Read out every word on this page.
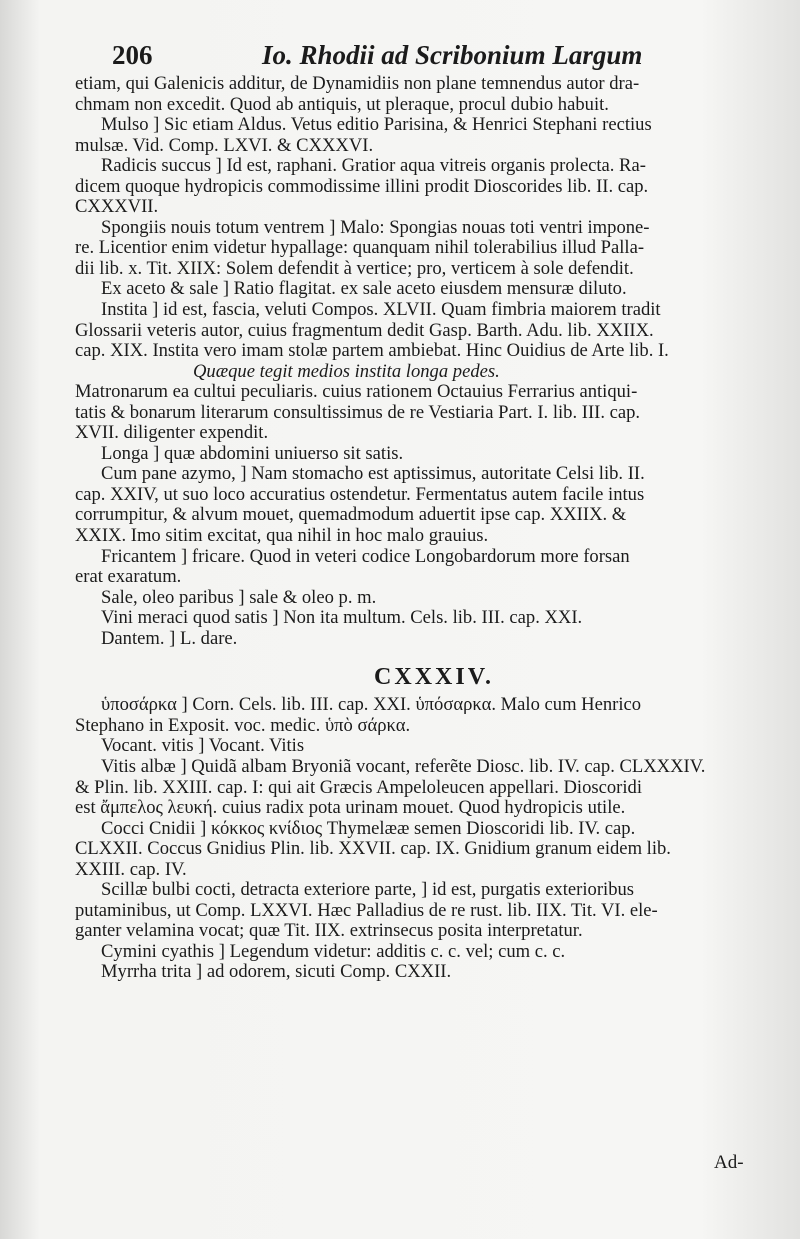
206	Io. Rhodii ad Scribonium Largum
etiam, qui Galenicis additur, de Dynamidiis non plane temnendus autor dra-
chmam non excedit. Quod ab antiquis, ut pleraque, procul dubio habuit.
Mulso ] Sic etiam Aldus. Vetus editio Parisina, & Henrici Stephani rectius
mulsæ. Vid. Comp. LXVI. & CXXXVI.
Radicis succus ] Id est, raphani. Gratior aqua vitreis organis prolecta. Ra-
dicem quoque hydropicis commodissime illini prodit Dioscorides lib. II. cap.
CXXXVII.
Spongiis nouis totum ventrem ] Malo: Spongias nouas toti ventri impone-
re. Licentior enim videtur hypallage: quanquam nihil tolerabilius illud Palla-
dii lib. x. Tit. XIIX: Solem defendit à vertice; pro, verticem à sole defendit.
Ex aceto & sale ] Ratio flagitat. ex sale aceto eiusdem mensuræ diluto.
Instita ] id est, fascia, veluti Compos. XLVII. Quam fimbria maiorem tradit
Glossarii veteris autor, cuius fragmentum dedit Gasp. Barth. Adu. lib. XXIIX.
cap. XIX. Instita vero imam stolæ partem ambiebat. Hinc Ouidius de Arte lib. I.
Quæque tegit medios instita longa pedes.
Matronarum ea cultui peculiaris. cuius rationem Octauius Ferrarius antiqui-
tatis & bonarum literarum consultissimus de re Vestiaria Part. I. lib. III. cap.
XVII. diligenter expendit.
Longa ] quæ abdomini uniuerso sit satis.
Cum pane azymo, ] Nam stomacho est aptissimus, autoritate Celsi lib. II.
cap. XXIV, ut suo loco accuratius ostendetur. Fermentatus autem facile intus
corrumpitur, & alvum mouet, quemadmodum aduertit ipse cap. XXIIX. &
XXIX. Imo sitim excitat, qua nihil in hoc malo grauius.
Fricantem ] fricare. Quod in veteri codice Longobardorum more forsan
erat exaratum.
Sale, oleo paribus ] sale & oleo p. m.
Vini meraci quod satis ] Non ita multum. Cels. lib. III. cap. XXI.
Dantem. ] L. dare.
CXXXIV.
ὑποσάρκα ] Corn. Cels. lib. III. cap. XXI. ὑπόσαρκα. Malo cum Henrico
Stephano in Exposit. voc. medic. ὑπὸ σάρκα.
Vocant. vitis ] Vocant. Vitis
Vitis albæ ] Quidã albam Bryoniã vocant, referẽte Diosc. lib. IV. cap. CLXXXIV.
& Plin. lib. XXIII. cap. I: qui ait Græcis Ampeloleucen appellari. Dioscoridi
est ἄμπελος λευκή. cuius radix pota urinam mouet. Quod hydropicis utile.
Cocci Cnidii ] κόκκος κνίδιος Thymelææ semen Dioscoridi lib. IV. cap.
CLXXII. Coccus Gnidius Plin. lib. XXVII. cap. IX. Gnidium granum eidem lib.
XXIII. cap. IV.
Scillæ bulbi cocti, detracta exteriore parte, ] id est, purgatis exterioribus
putaminibus, ut Comp. LXXVI. Hæc Palladius de re rust. lib. IIX. Tit. VI. ele-
ganter velamina vocat; quæ Tit. IIX. extrinsecus posita interpretatur.
Cymini cyathis ] Legendum videtur: additis c. c. vel; cum c. c.
Myrrha trita ] ad odorem, sicuti Comp. CXXII.
Ad-
